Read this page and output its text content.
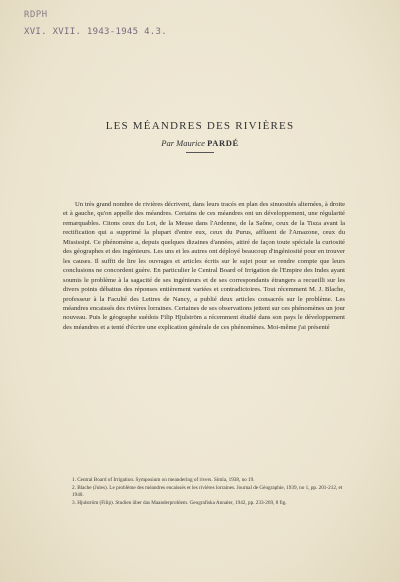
RDPH
XVI. XVII. 1943-1945 4.3.
LES MÉANDRES DES RIVIÈRES
Par Maurice PARDÉ

Un très grand nombre de rivières décrivent, dans leurs tracés en plan des sinuosités alternées, à droite et à gauche, qu'on appelle des méandres. Certains de ces méandres ont un développement, une régularité remarquables. Citons ceux du Lot, de la Meuse dans l'Ardenne, de la Saône, ceux de la Tisza avant la rectification qui a supprimé la plupart d'entre eux, ceux du Purus, affluent de l'Amazone, ceux du Mississipi. Ce phénomène a, depuis quelques dizaines d'années, attiré de façon toute spéciale la curiosité des géographes et des ingénieurs. Les uns et les autres ont déployé beaucoup d'ingéniosité pour en trouver les causes. Il suffit de lire les ouvrages et articles écrits sur le sujet pour se rendre compte que leurs conclusions ne concordent guère. En particulier le Central Board of Irrigation de l'Empire des Indes ayant soumis le problème à la sagacité de ses ingénieurs et de ses correspondants étrangers a recueilli sur les divers points débattus des réponses entièrement variées et contradictoires. Tout récemment M. J. Blache, professeur à la Faculté des Lettres de Nancy, a publié deux articles consacrés sur le problème. Les méandres encaissés des rivières lorraines. Certaines de ses observations jettent sur ces phénomènes un jour nouveau. Puis le géographe suédois Filip Hjulström a récemment étudié dans son pays le développement des méandres et a tenté d'écrire une explication générale de ces phénomènes. Moi-même j'ai présenté

1. Central Board of Irrigation. Symposium on meandering of rivers. Simla, 1938, no 19.
2. Blache (Jules). Le problème des méandres encaissés et les rivières lorraines. Journal de Géographie, 1939, no 1, pp. 201-212, et 1940.
3. Hjulström (Filip). Studien über das Maanderproblem. Geografiska Annaler, 1942, pp. 233-269, 8 fig.
